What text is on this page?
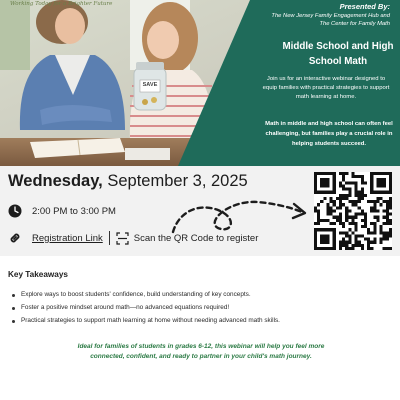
Working Today for a Brighter Future
SAVE
Presented By:
The New Jersey Family Engagement Hub and
The Center for Family Math
Middle School and High
School Math
Join us for an interactive webinar designed to
equip families with practical strategies to support
math learning at home.
Math in middle and high school can often feel
challenging, but families play a crucial role in
helping students succeed.
Wednesday, September 3, 2025
2:00 PM to 3:00 PM
Registration Link	Scan the QR Code to register
Key Takeaways
Explore ways to boost students' confidence, build understanding of key concepts.
Foster a positive mindset around math—no advanced equations required!
Practical strategies to support math learning at home without needing advanced math skills.
Ideal for families of students in grades 6-12, this webinar will help you feel more
connected, confident, and ready to partner in your child's math journey.
